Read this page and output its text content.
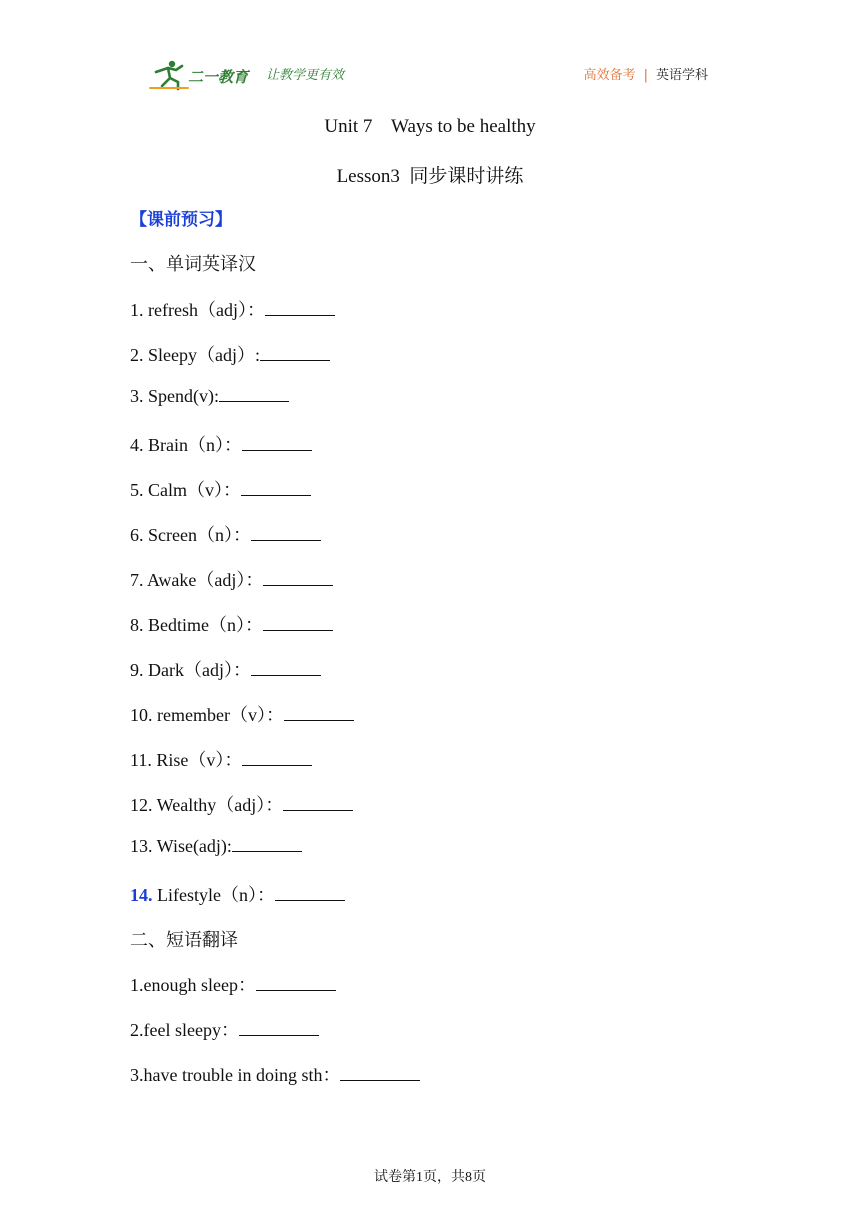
二一教育 让教学更有效	高效备考 | 英语学科
Unit 7    Ways to be healthy
Lesson3  同步课时讲练
【课前预习】
一、单词英译汉
1. refresh（adj）：
2. Sleepy（adj）:
3. Spend(v):
4. Brain（n）：
5. Calm（v）：
6. Screen（n）：
7. Awake（adj）：
8. Bedtime（n）：
9. Dark（adj）：
10. remember（v）：
11. Rise（v）：
12. Wealthy（adj）：
13. Wise(adj):
14. Lifestyle（n）：
二、短语翻译
1.enough sleep：
2.feel sleepy：
3.have trouble in doing sth：
试卷第1页，共8页
